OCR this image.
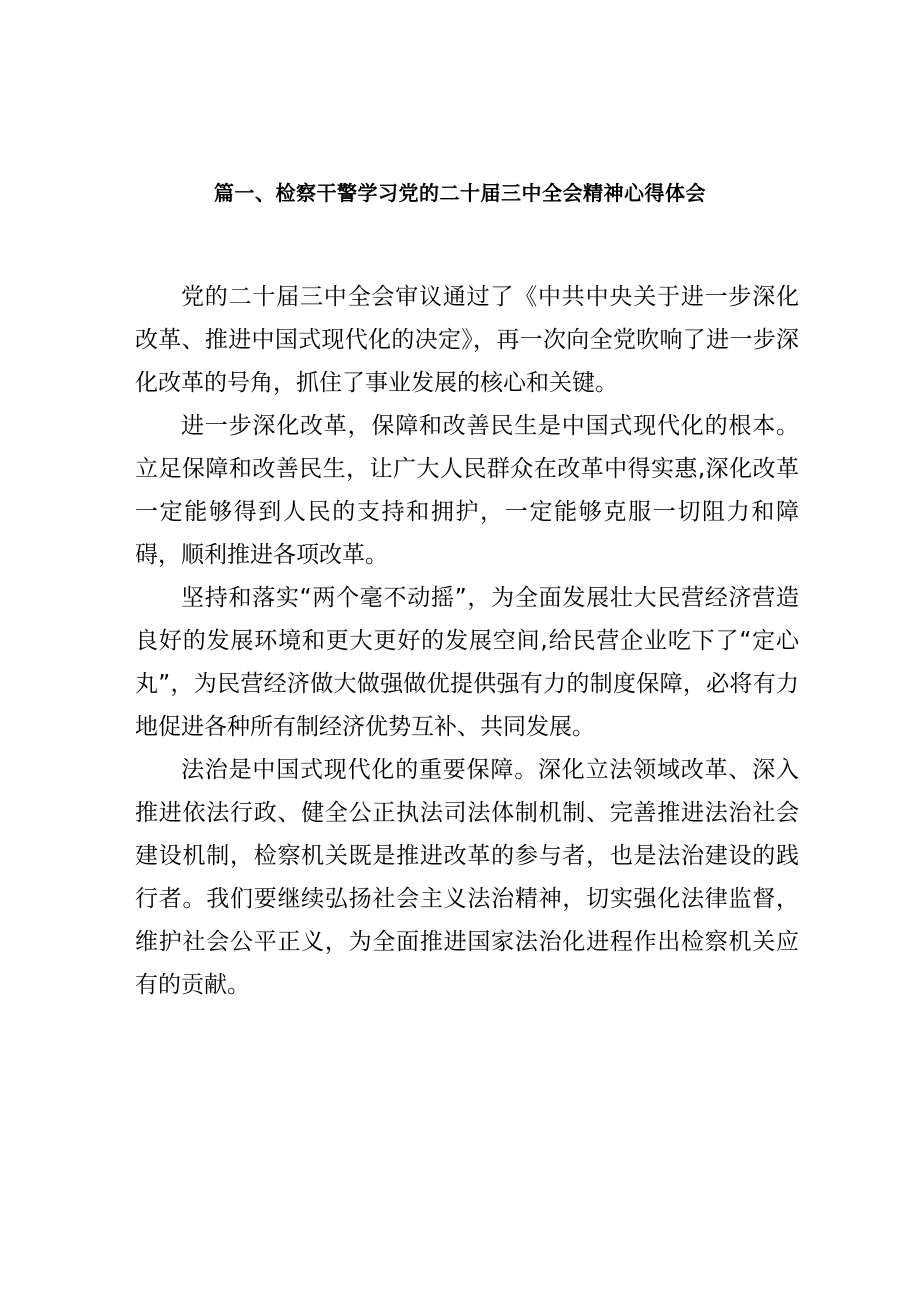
篇一、检察干警学习党的二十届三中全会精神心得体会

党的二十届三中全会审议通过了《中共中央关于进一步深化改革、推进中国式现代化的决定》，再一次向全党吹响了进一步深化改革的号角，抓住了事业发展的核心和关键。

进一步深化改革，保障和改善民生是中国式现代化的根本。立足保障和改善民生，让广大人民群众在改革中得实惠,深化改革一定能够得到人民的支持和拥护，一定能够克服一切阻力和障碍，顺利推进各项改革。

坚持和落实“两个毫不动摇”，为全面发展壮大民营经济营造良好的发展环境和更大更好的发展空间,给民营企业吃下了“定心丸”，为民营经济做大做强做优提供强有力的制度保障，必将有力地促进各种所有制经济优势互补、共同发展。

法治是中国式现代化的重要保障。深化立法领域改革、深入推进依法行政、健全公正执法司法体制机制、完善推进法治社会建设机制，检察机关既是推进改革的参与者，也是法治建设的践行者。我们要继续弘扬社会主义法治精神，切实强化法律监督，维护社会公平正义，为全面推进国家法治化进程作出检察机关应有的贡献。
